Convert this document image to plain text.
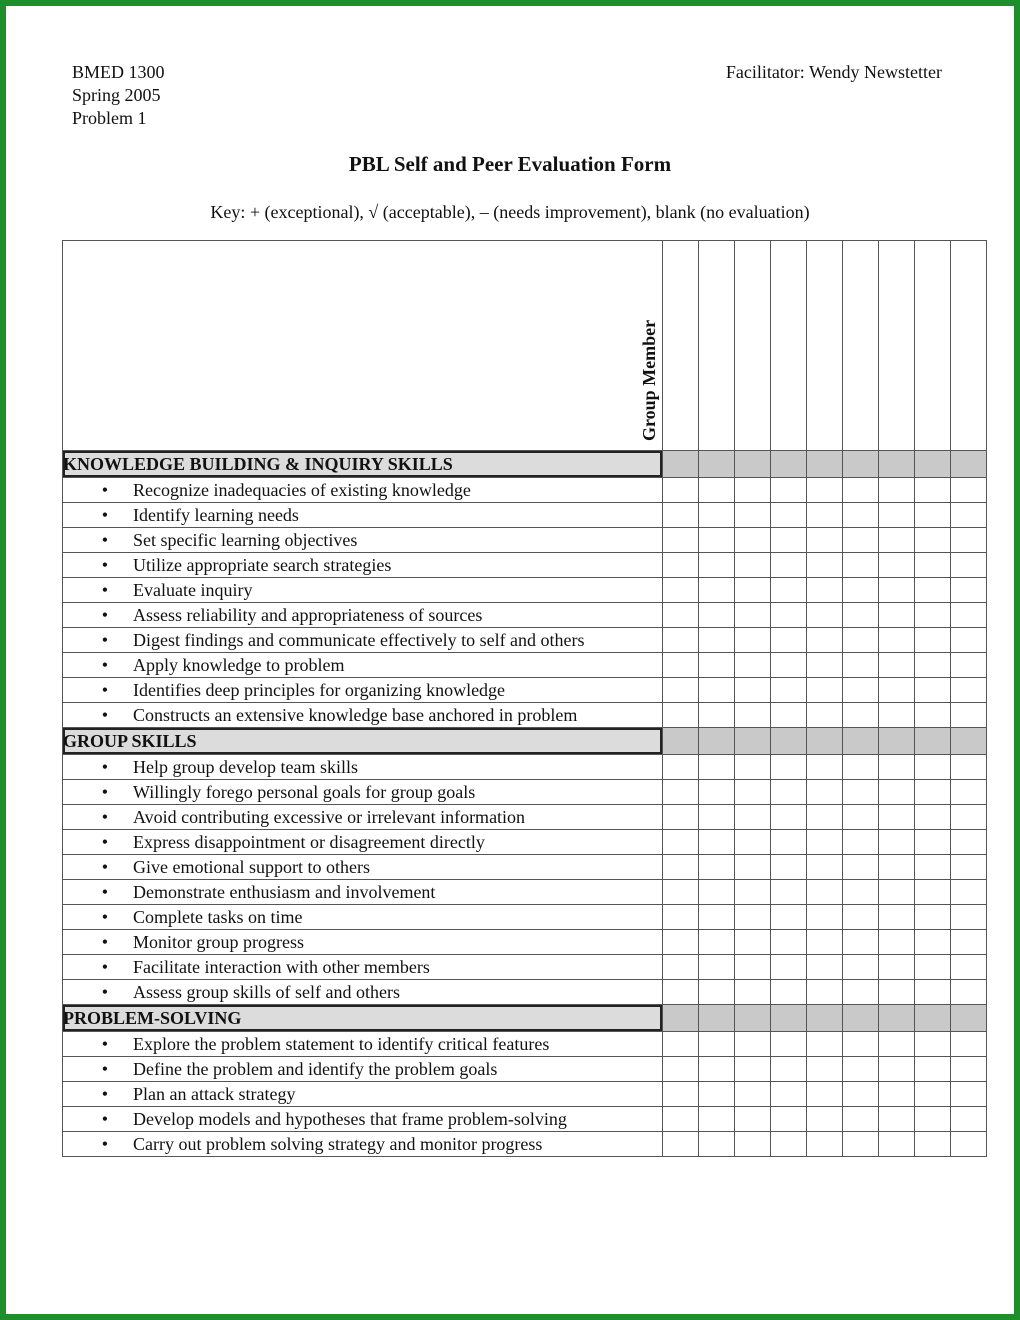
BMED 1300
Spring 2005
Problem 1
Facilitator: Wendy Newstetter
PBL Self and Peer Evaluation Form
Key: + (exceptional), √ (acceptable), – (needs improvement), blank (no evaluation)
Group Member									

KNOWLEDGE BUILDING & INQUIRY SKILLS									
• Recognize inadequacies of existing knowledge									
• Identify learning needs									
• Set specific learning objectives									
• Utilize appropriate search strategies									
• Evaluate inquiry									
• Assess reliability and appropriateness of sources									
• Digest findings and communicate effectively to self and others									
• Apply knowledge to problem									
• Identifies deep principles for organizing knowledge									
• Constructs an extensive knowledge base anchored in problem									
GROUP SKILLS									
• Help group develop team skills									
• Willingly forego personal goals for group goals									
• Avoid contributing excessive or irrelevant information									
• Express disappointment or disagreement directly									
• Give emotional support to others									
• Demonstrate enthusiasm and involvement									
• Complete tasks on time									
• Monitor group progress									
• Facilitate interaction with other members									
• Assess group skills of self and others									
PROBLEM-SOLVING									
• Explore the problem statement to identify critical features									
• Define the problem and identify the problem goals									
• Plan an attack strategy									
• Develop models and hypotheses that frame problem-solving									
• Carry out problem solving strategy and monitor progress									
